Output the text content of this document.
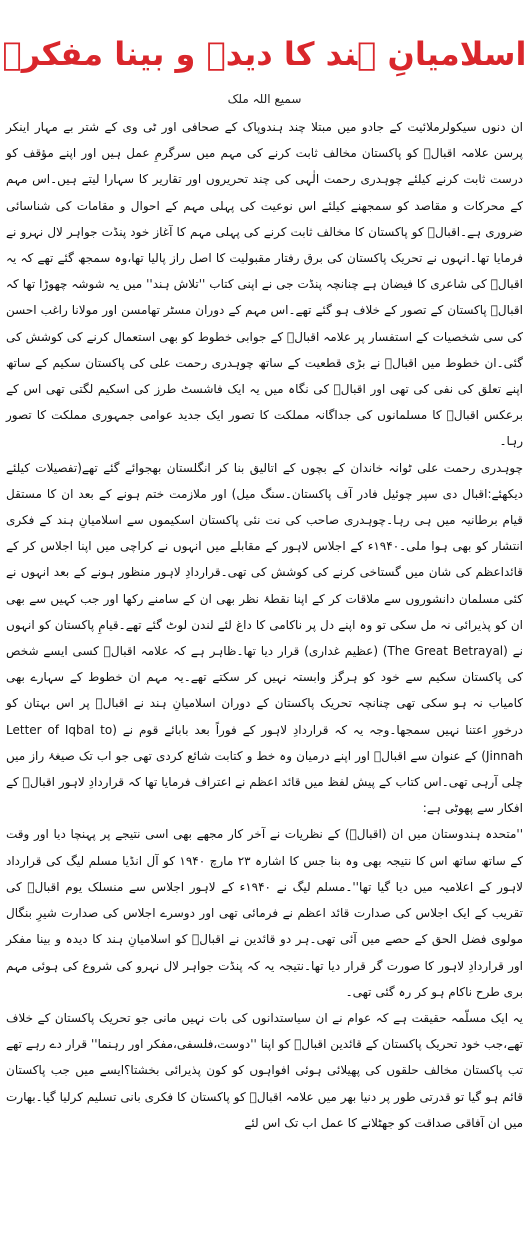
اسلامیانِ ہند کا دیدہ و بینا مفکرؒ
سمیع اللہ ملک

ان دنوں سیکولرملائیت کے جادو میں مبتلا چند ہندوپاک کے صحافی اور ٹی وی کے شتر بے مہار اینکر پرسن علامہ اقبالؒ کو پاکستان مخالف ثابت کرنے کی مہم میں سرگرمِ عمل ہیں اور اپنے مؤقف کو درست ثابت کرنے کیلئے چوہدری رحمت الٰہی کی چند تحریروں اور تقاریر کا سہارا لیتے ہیں۔اس مہم کے محرکات و مقاصد کو سمجھنے کیلئے اس نوعیت کی پہلی مہم کے احوال و مقامات کی شناسائی ضروری ہے۔اقبالؒ کو پاکستان کا مخالف ثابت کرنے کی پہلی مہم کا آغاز خود پنڈت جواہر لال نہرو نے فرمایا تھا۔انہوں نے تحریک پاکستان کی برق رفتار مقبولیت کا اصل راز پالیا تھا،وہ سمجھ گئے تھے کہ یہ اقبالؒ کی شاعری کا فیضان ہے چنانچہ پنڈت جی نے اپنی کتاب ''تلاش ہند'' میں یہ شوشہ چھوڑا تھا کہ اقبالؒ پاکستان کے تصور کے خلاف ہو گئے تھے۔اس مہم کے دوران مسٹر تھامسن اور مولانا راغب احسن کی سی شخصیات کے استفسار پر علامہ اقبالؒ کے جوابی خطوط کو بھی استعمال کرنے کی کوشش کی گئی۔ان خطوط میں اقبالؒ نے بڑی قطعیت کے ساتھ چوہدری رحمت علی کی پاکستان سکیم کے ساتھ اپنے تعلق کی نفی کی تھی اور اقبالؒ کی نگاہ میں یہ ایک فاشسٹ طرز کی اسکیم لگتی تھی اس کے برعکس اقبالؒ کا مسلمانوں کی جداگانہ مملکت کا تصور ایک جدید عوامی جمہوری مملکت کا تصور رہا۔

چوہدری رحمت علی ٹوانہ خاندان کے بچوں کے اتالیق بنا کر انگلستان بھجوائے گئے تھے(تفصیلات کیلئے دیکھئے:اقبال دی سپر چوئیل فادر آف پاکستان۔سنگ میل) اور ملازمت ختم ہونے کے بعد ان کا مستقل قیام برطانیہ میں ہی رہا۔چوہدری صاحب کی نت نئی پاکستان اسکیموں سے اسلامیانِ ہند کے فکری انتشار کو بھی ہوا ملی۔۱۹۴۰ء کے اجلاس لاہور کے مقابلے میں انہوں نے کراچی میں اپنا اجلاس کر کے قائداعظم کی شان میں گستاخی کرنے کی کوشش کی تھی۔قراردادِ لاہور منظور ہونے کے بعد انہوں نے کئی مسلمان دانشوروں سے ملاقات کر کے اپنا نقطۂ نظر بھی ان کے سامنے رکھا اور جب کہیں سے بھی ان کو پذیرائی نہ مل سکی تو وہ اپنے دل پر ناکامی کا داغ لئے لندن لوٹ گئے تھے۔قیامِ پاکستان کو انہوں نے (The Great Betrayal) (عظیم غداری) قرار دیا تھا۔ظاہر ہے کہ علامہ اقبالؒ کسی ایسے شخص کی پاکستان سکیم سے خود کو ہرگز وابستہ نہیں کر سکتے تھے۔یہ مہم ان خطوط کے سہارے بھی کامیاب نہ ہو سکی تھی چنانچہ تحریک پاکستان کے دوران اسلامیانِ ہند نے اقبالؒ پر اس بہتان کو درخورِ اعتنا نہیں سمجھا۔وجہ یہ کہ قراردادِ لاہور کے فوراً بعد بابائے قوم نے (Letter of Iqbal to Jinnah) کے عنوان سے اقبالؒ اور اپنے درمیان وہ خط و کتابت شائع کردی تھی جو اب تک صیغۂ راز میں چلی آرہی تھی۔اس کتاب کے پیش لفظ میں قائد اعظم نے اعتراف فرمایا تھا کہ قراردادِ لاہور اقبالؒ کے افکار سے پھوٹی ہے:

''متحدہ ہندوستان میں ان (اقبالؒ) کے نظریات نے آخر کار مجھے بھی اسی نتیجے پر پہنچا دیا اور وقت کے ساتھ ساتھ اس کا نتیجہ بھی وہ بنا جس کا اشارہ ۲۳ مارچ ۱۹۴۰ کو آل انڈیا مسلم لیگ کی قرارداد لاہور کے اعلامیہ میں دیا گیا تھا''۔مسلم لیگ نے ۱۹۴۰ء کے لاہور اجلاس سے منسلک یوم اقبالؒ کی تقریب کے ایک اجلاس کی صدارت قائد اعظم نے فرمائی تھی اور دوسرے اجلاس کی صدارت شیرِ بنگال مولوی فضل الحق کے حصے میں آئی تھی۔ہر دو قائدین نے اقبالؒ کو اسلامیانِ ہند کا دیدہ و بینا مفکر اور قراردادِ لاہور کا صورت گر قرار دیا تھا۔نتیجہ یہ کہ پنڈت جواہر لال نہرو کی شروع کی ہوئی مہم بری طرح ناکام ہو کر رہ گئی تھی۔

یہ ایک مسلّمہ حقیقت ہے کہ عوام نے ان سیاستدانوں کی بات نہیں مانی جو تحریک پاکستان کے خلاف تھے،جب خود تحریک پاکستان کے قائدین اقبالؒ کو اپنا ''دوست،فلسفی،مفکر اور رہنما'' قرار دے رہے تھے تب پاکستان مخالف حلقوں کی پھیلائی ہوئی افواہوں کو کون پذیرائی بخشتا؟ایسے میں جب پاکستان قائم ہو گیا تو قدرتی طور پر دنیا بھر میں علامہ اقبالؒ کو پاکستان کا فکری بانی تسلیم کرلیا گیا۔بھارت میں ان آفاقی صداقت کو جھٹلانے کا عمل اب تک اس لئے
